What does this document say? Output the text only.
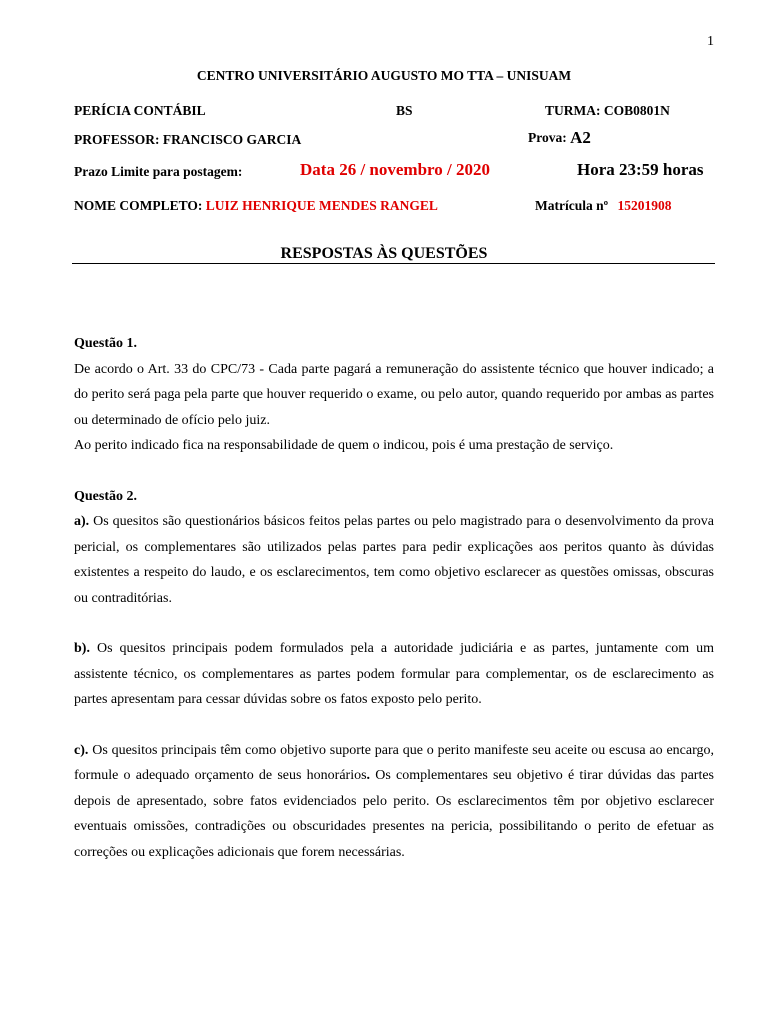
1
CENTRO UNIVERSITÁRIO AUGUSTO MO TTA – UNISUAM
PERÍCIA CONTÁBIL	BS	TURMA: COB0801N
PROFESSOR: FRANCISCO GARCIA	Prova: A2
Prazo Limite para postagem:	Data 26 / novembro / 2020	Hora 23:59 horas
NOME COMPLETO: LUIZ HENRIQUE MENDES RANGEL	Matrícula nº 15201908
RESPOSTAS ÀS QUESTÕES
Questão 1.

De acordo o Art. 33 do CPC/73 - Cada parte pagará a remuneração do assistente técnico que houver indicado; a do perito será paga pela parte que houver requerido o exame, ou pelo autor, quando requerido por ambas as partes ou determinado de ofício pelo juiz.

Ao perito indicado fica na responsabilidade de quem o indicou, pois é uma prestação de serviço.

Questão 2.

a). Os quesitos são questionários básicos feitos pelas partes ou pelo magistrado para o desenvolvimento da prova pericial, os complementares são utilizados pelas partes para pedir explicações aos peritos quanto às dúvidas existentes a respeito do laudo, e os esclarecimentos, tem como objetivo esclarecer as questões omissas, obscuras ou contraditórias.

b). Os quesitos principais podem formulados pela a autoridade judiciária e as partes, juntamente com um assistente técnico, os complementares as partes podem formular para complementar, os de esclarecimento as partes apresentam para cessar dúvidas sobre os fatos exposto pelo perito.

c). Os quesitos principais têm como objetivo suporte para que o perito manifeste seu aceite ou escusa ao encargo, formule o adequado orçamento de seus honorários. Os complementares seu objetivo é tirar dúvidas das partes depois de apresentado, sobre fatos evidenciados pelo perito. Os esclarecimentos têm por objetivo esclarecer eventuais omissões, contradições ou obscuridades presentes na pericia, possibilitando o perito de efetuar as correções ou explicações adicionais que forem necessárias.
